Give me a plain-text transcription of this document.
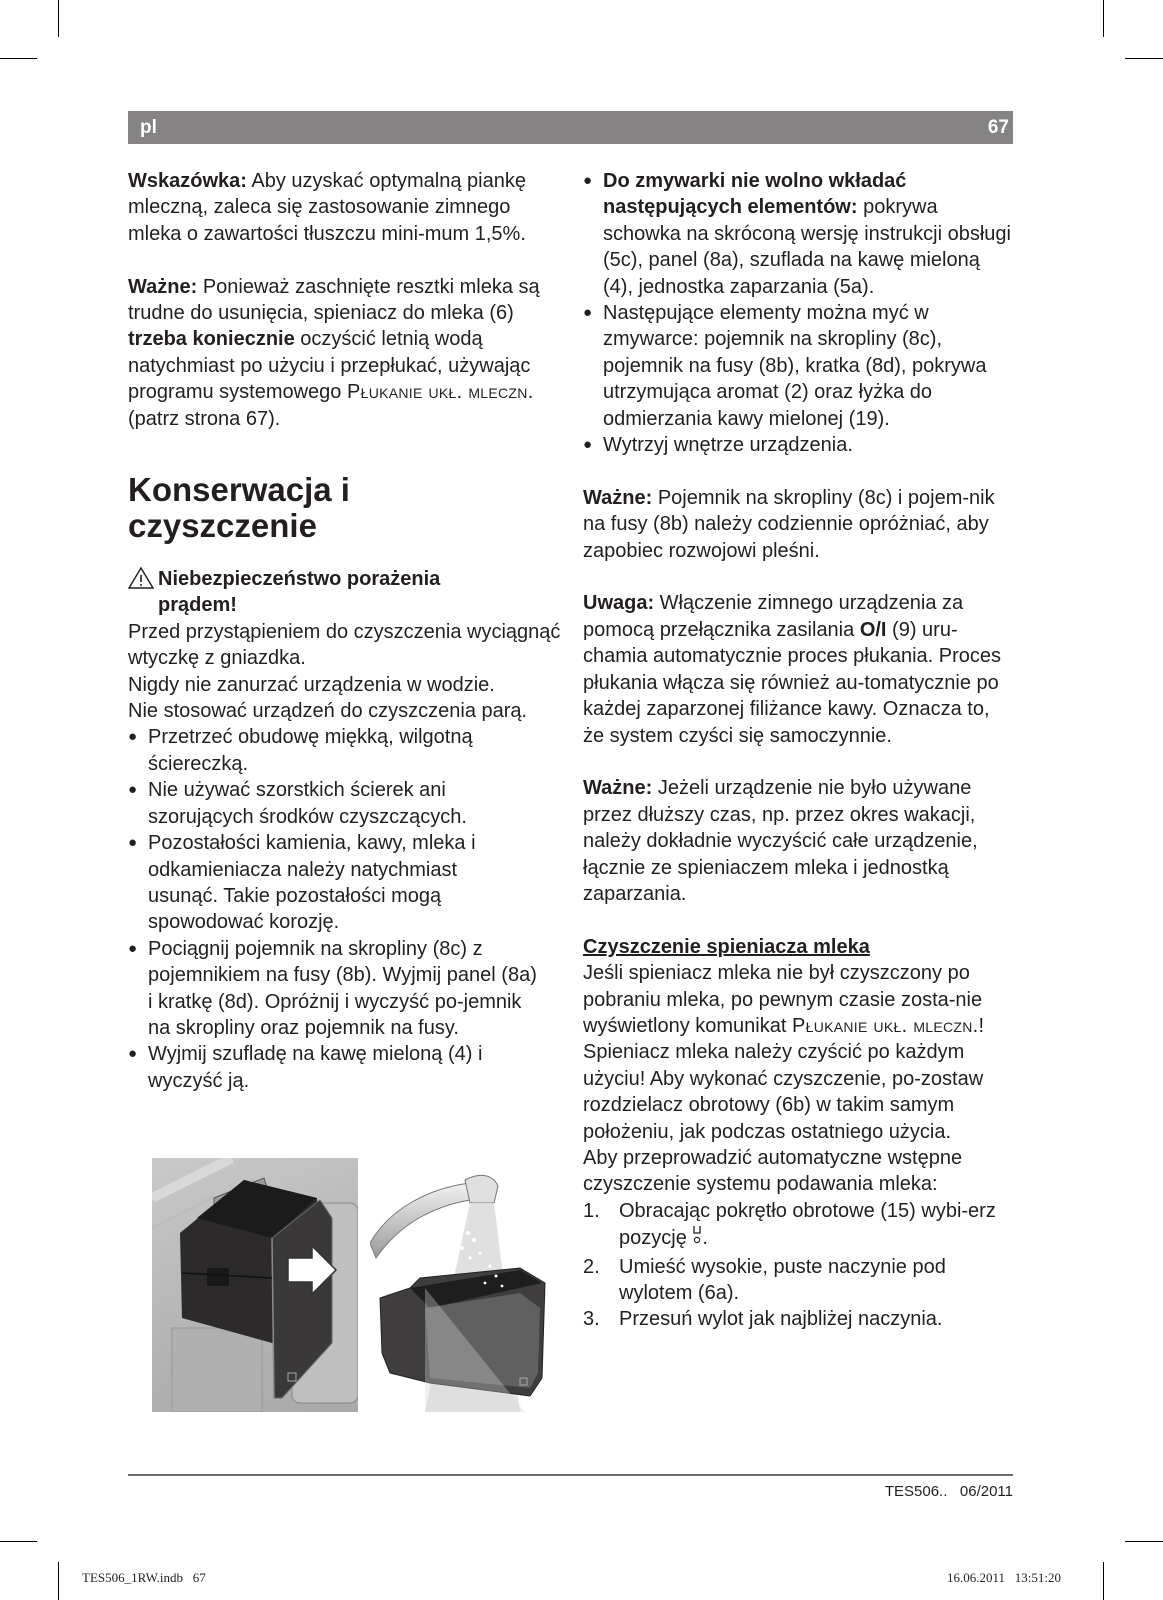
pl	67

Wskazówka: Aby uzyskać optymalną piankę mleczną, zaleca się zastosowanie zimnego mleka o zawartości tłuszczu mini-mum 1,5%.

Ważne: Ponieważ zaschnięte resztki mleka są trudne do usunięcia, spieniacz do mleka (6) trzeba koniecznie oczyścić letnią wodą natychmiast po użyciu i przepłukać, używając programu systemowego Płukanie ukł. mleczn. (patrz strona 67).

Konserwacja i czyszczenie
Niebezpieczeństwo porażenia prądem!

Przed przystąpieniem do czyszczenia wyciągnąć wtyczkę z gniazdka.

Nigdy nie zanurzać urządzenia w wodzie.

Nie stosować urządzeń do czyszczenia parą.

● Przetrzeć obudowę miękką, wilgotną ściereczką.
● Nie używać szorstkich ścierek ani szorujących środków czyszczących.
● Pozostałości kamienia, kawy, mleka i odkamieniacza należy natychmiast usunąć. Takie pozostałości mogą spowodować korozję.
● Pociągnij pojemnik na skropliny (8c) z pojemnikiem na fusy (8b). Wyjmij panel (8a) i kratkę (8d). Opróżnij i wyczyść po-jemnik na skropliny oraz pojemnik na fusy.
● Wyjmij szufladę na kawę mieloną (4) i wyczyść ją.
● Do zmywarki nie wolno wkładać następujących elementów: pokrywa schowka na skróconą wersję instrukcji obsługi (5c), panel (8a), szuflada na kawę mieloną (4), jednostka zaparzania (5a).
● Następujące elementy można myć w zmywarce: pojemnik na skropliny (8c), pojemnik na fusy (8b), kratka (8d), pokrywa utrzymująca aromat (2) oraz łyżka do odmierzania kawy mielonej (19).
● Wytrzyj wnętrze urządzenia.

Ważne: Pojemnik na skropliny (8c) i pojem-nik na fusy (8b) należy codziennie opróżniać, aby zapobiec rozwojowi pleśni.

Uwaga: Włączenie zimnego urządzenia za pomocą przełącznika zasilania O/I (9) uru-chamia automatycznie proces płukania. Proces płukania włącza się również au-tomatycznie po każdej zaparzonej filiżance kawy. Oznacza to, że system czyści się samoczynnie.

Ważne: Jeżeli urządzenie nie było używane przez dłuższy czas, np. przez okres wakacji, należy dokładnie wyczyścić całe urządzenie, łącznie ze spieniaczem mleka i jednostką zaparzania.

Czyszczenie spieniacza mleka

Jeśli spieniacz mleka nie był czyszczony po pobraniu mleka, po pewnym czasie zosta-nie wyświetlony komunikat Płukanie ukł. mleczn.!

Spieniacz mleka należy czyścić po każdym użyciu! Aby wykonać czyszczenie, po-zostaw rozdzielacz obrotowy (6b) w takim samym położeniu, jak podczas ostatniego użycia.

Aby przeprowadzić automatyczne wstępne czyszczenie systemu podawania mleka:

1. Obracając pokrętło obrotowe (15) wybi-erz pozycję .
2. Umieść wysokie, puste naczynie pod wylotem (6a).
3. Przesuń wylot jak najbliżej naczynia.
TES506..   06/2011
TES506_1RW.indb   67	16.06.2011   13:51:20
